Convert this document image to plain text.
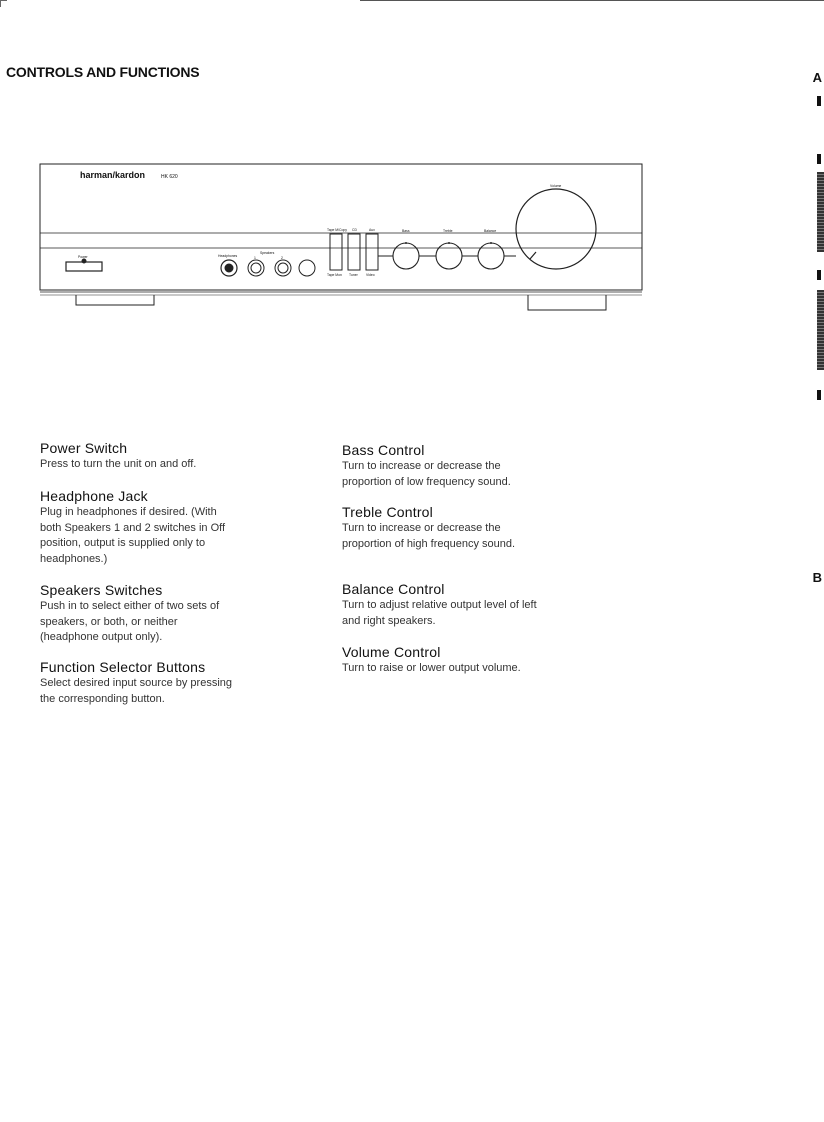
CONTROLS AND FUNCTIONS	A
B
harman/kardon	HK 620
Power	Headphones
Speakers
1	2
Tape M/Copy CD	Aux
Tape Mon Tuner Video
Bass	Treble	Balance
Volume
Power Switch

Press to turn the unit on and off.

Headphone Jack

Plug in headphones if desired. (With
both Speakers 1 and 2 switches in Off
position, output is supplied only to
headphones.)

Speakers Switches

Push in to select either of two sets of
speakers, or both, or neither
(headphone output only).

Function Selector Buttons

Select desired input source by pressing
the corresponding button.

Bass Control

Turn to increase or decrease the
proportion of low frequency sound.

Treble Control

Turn to increase or decrease the
proportion of high frequency sound.

Balance Control

Turn to adjust relative output level of left
and right speakers.

Volume Control

Turn to raise or lower output volume.
